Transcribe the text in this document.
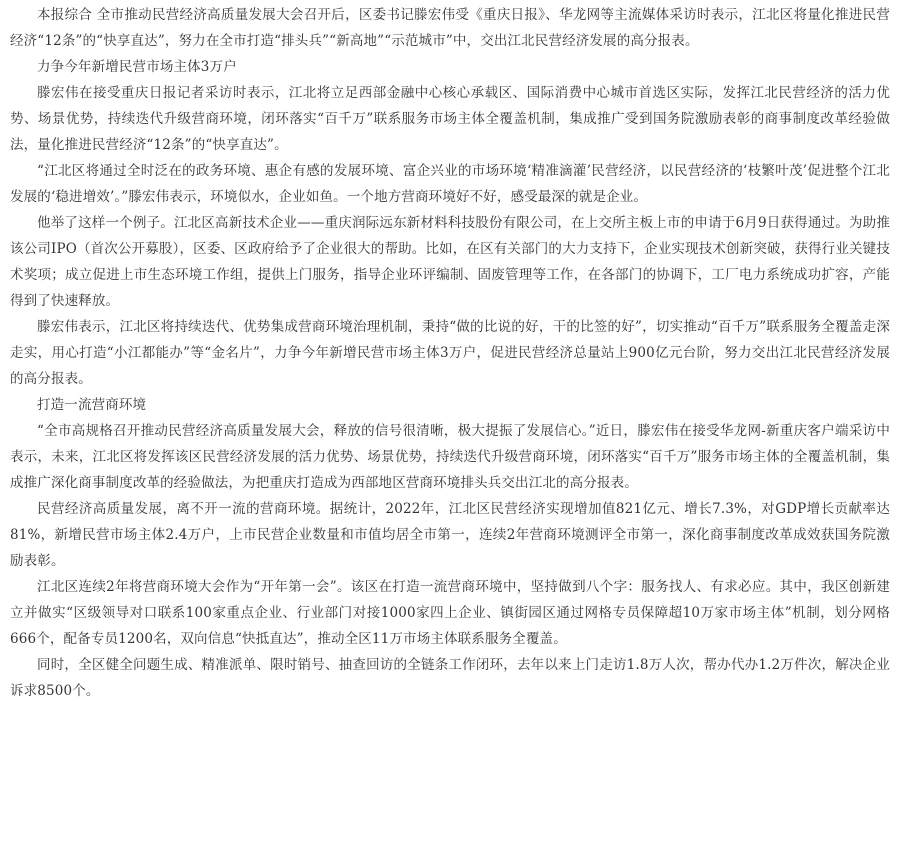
本报综合 全市推动民营经济高质量发展大会召开后，区委书记滕宏伟受《重庆日报》、华龙网等主流媒体采访时表示，江北区将量化推进民营经济“12条”的“快享直达”，努力在全市打造“排头兵”“新高地”“示范城市”中，交出江北民营经济发展的高分报表。

力争今年新增民营市场主体3万户

滕宏伟在接受重庆日报记者采访时表示，江北将立足西部金融中心核心承载区、国际消费中心城市首选区实际，发挥江北民营经济的活力优势、场景优势，持续迭代升级营商环境，闭环落实“百千万”联系服务市场主体全覆盖机制，集成推广受到国务院激励表彰的商事制度改革经验做法，量化推进民营经济“12条”的“快享直达”。

“江北区将通过全时泛在的政务环境、惠企有感的发展环境、富企兴业的市场环境‘精准滴灌’民营经济，以民营经济的‘枝繁叶茂’促进整个江北发展的‘稳进增效’。”滕宏伟表示，环境似水，企业如鱼。一个地方营商环境好不好，感受最深的就是企业。

他举了这样一个例子。江北区高新技术企业——重庆润际远东新材料科技股份有限公司，在上交所主板上市的申请于6月9日获得通过。为助推该公司IPO（首次公开募股），区委、区政府给予了企业很大的帮助。比如，在区有关部门的大力支持下，企业实现技术创新突破，获得行业关键技术奖项；成立促进上市生态环境工作组，提供上门服务，指导企业环评编制、固废管理等工作，在各部门的协调下，工厂电力系统成功扩容，产能得到了快速释放。

滕宏伟表示，江北区将持续迭代、优势集成营商环境治理机制，秉持“做的比说的好，干的比签的好”，切实推动“百千万”联系服务全覆盖走深走实，用心打造“小江都能办”等“金名片”，力争今年新增民营市场主体3万户，促进民营经济总量站上900亿元台阶，努力交出江北民营经济发展的高分报表。

打造一流营商环境

“全市高规格召开推动民营经济高质量发展大会，释放的信号很清晰，极大提振了发展信心。”近日，滕宏伟在接受华龙网-新重庆客户端采访中表示，未来，江北区将发挥该区民营经济发展的活力优势、场景优势，持续迭代升级营商环境，闭环落实“百千万”服务市场主体的全覆盖机制，集成推广深化商事制度改革的经验做法，为把重庆打造成为西部地区营商环境排头兵交出江北的高分报表。

民营经济高质量发展，离不开一流的营商环境。据统计，2022年，江北区民营经济实现增加值821亿元、增长7.3%，对GDP增长贡献率达81%，新增民营市场主体2.4万户，上市民营企业数量和市值均居全市第一，连续2年营商环境测评全市第一，深化商事制度改革成效获国务院激励表彰。

江北区连续2年将营商环境大会作为“开年第一会”。该区在打造一流营商环境中，坚持做到八个字：服务找人、有求必应。其中，我区创新建立并做实“区级领导对口联系100家重点企业、行业部门对接1000家四上企业、镇街园区通过网格专员保障超10万家市场主体”机制，划分网格666个，配备专员1200名，双向信息“快抵直达”，推动全区11万市场主体联系服务全覆盖。

同时，全区健全问题生成、精准派单、限时销号、抽查回访的全链条工作闭环，去年以来上门走访1.8万人次，帮办代办1.2万件次，解决企业诉求8500个。
